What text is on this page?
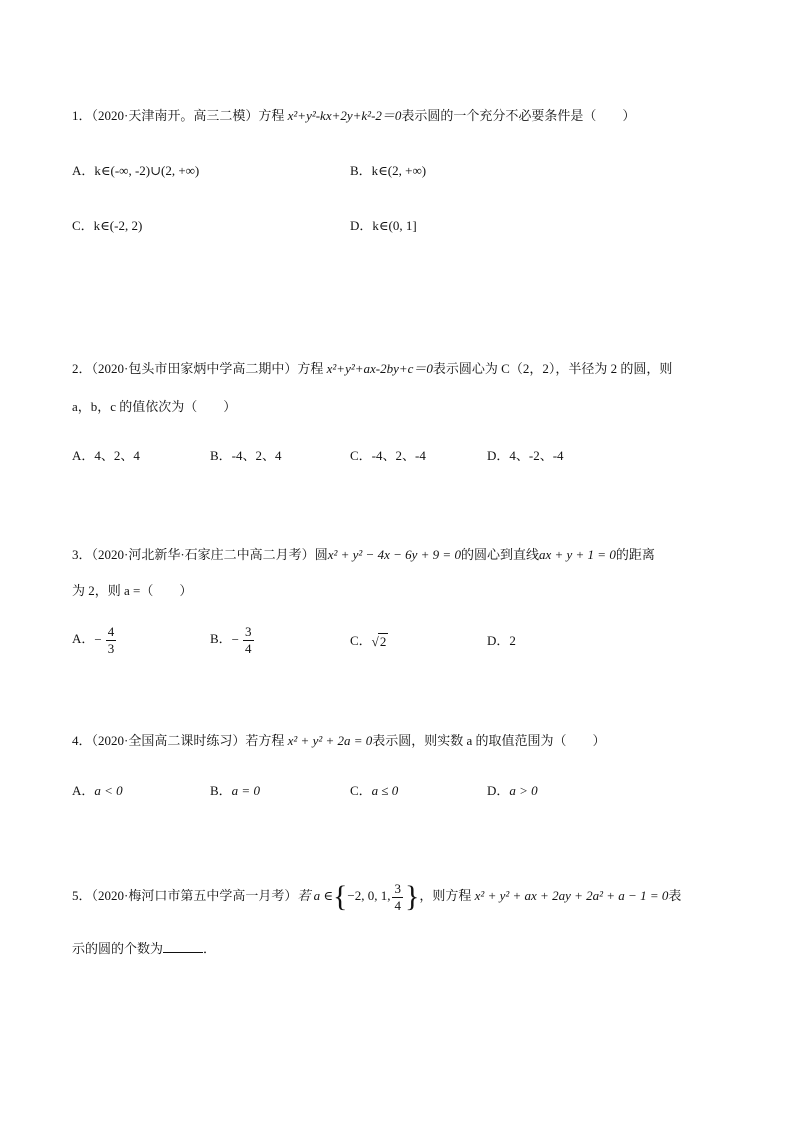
1．（2020·天津南开。高三二模）方程 x²+y²-kx+2y+k²-2＝0表示圆的一个充分不必要条件是（　　）
A．k∈(-∞, -2)∪(2, +∞)	B．k∈(2, +∞)
C．k∈(-2, 2)	D．k∈(0, 1]
2．（2020·包头市田家炳中学高二期中）方程 x²+y²+ax-2by+c＝0表示圆心为 C（2，2），半径为 2 的圆，则
a，b，c 的值依次为（　　）
A．4、2、4	B．-4、2、4	C．-4、2、-4	D．4、-2、-4
3．（2020·河北新华·石家庄二中高二月考）圆x² + y² − 4x − 6y + 9 = 0的圆心到直线ax + y + 1 = 0的距离
为 2，则 a =（　　）
A．− $\frac{4}{3}$	B．− $\frac{3}{4}$	C．√2	D．2
4．（2020·全国高二课时练习）若方程 x² + y² + 2a = 0表示圆，则实数 a 的取值范围为（　　）
A．a < 0	B．a = 0	C．a ≤ 0	D．a > 0
5．（2020·梅河口市第五中学高一月考）若 a ∈{−2, 0, 1, $\frac{3}{4}$ }，则方程 x² + y² + ax + 2ay + 2a² + a − 1 = 0表
示的圆的个数为	．
